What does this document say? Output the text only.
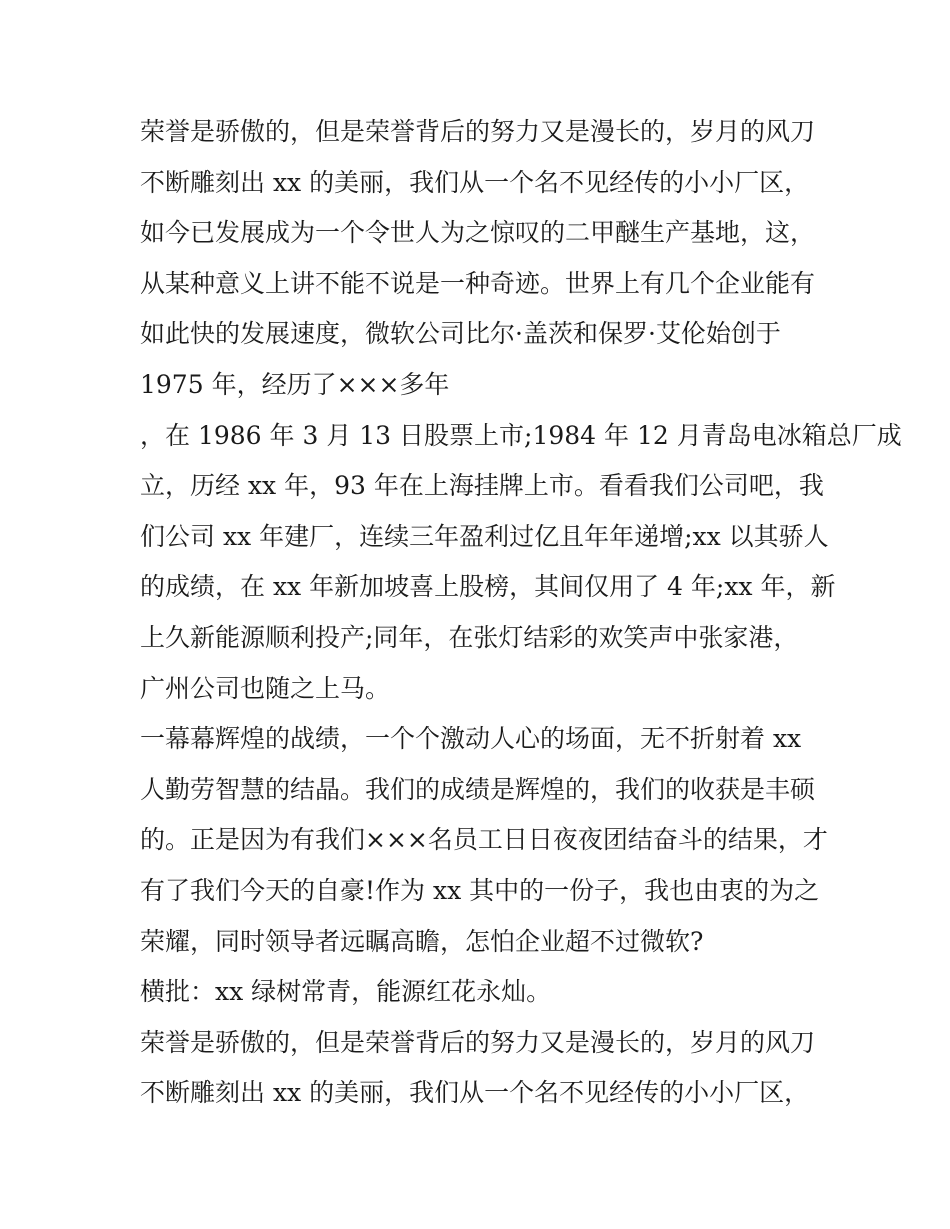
荣誉是骄傲的，但是荣誉背后的努力又是漫长的，岁月的风刀
不断雕刻出 xx 的美丽，我们从一个名不见经传的小小厂区，
如今已发展成为一个令世人为之惊叹的二甲醚生产基地，这，
从某种意义上讲不能不说是一种奇迹。世界上有几个企业能有
如此快的发展速度，微软公司比尔·盖茨和保罗·艾伦始创于
1975 年，经历了×××多年
，在 1986 年 3 月 13 日股票上市;1984 年 12 月青岛电冰箱总厂成
立，历经 xx 年，93 年在上海挂牌上市。看看我们公司吧，我
们公司 xx 年建厂，连续三年盈利过亿且年年递增;xx 以其骄人
的成绩，在 xx 年新加坡喜上股榜，其间仅用了 4 年;xx 年，新
上久新能源顺利投产;同年，在张灯结彩的欢笑声中张家港，
广州公司也随之上马。
一幕幕辉煌的战绩，一个个激动人心的场面，无不折射着 xx
人勤劳智慧的结晶。我们的成绩是辉煌的，我们的收获是丰硕
的。正是因为有我们×××名员工日日夜夜团结奋斗的结果，才
有了我们今天的自豪!作为 xx 其中的一份子，我也由衷的为之
荣耀，同时领导者远瞩高瞻，怎怕企业超不过微软?
横批：xx 绿树常青，能源红花永灿。
荣誉是骄傲的，但是荣誉背后的努力又是漫长的，岁月的风刀
不断雕刻出 xx 的美丽，我们从一个名不见经传的小小厂区，
